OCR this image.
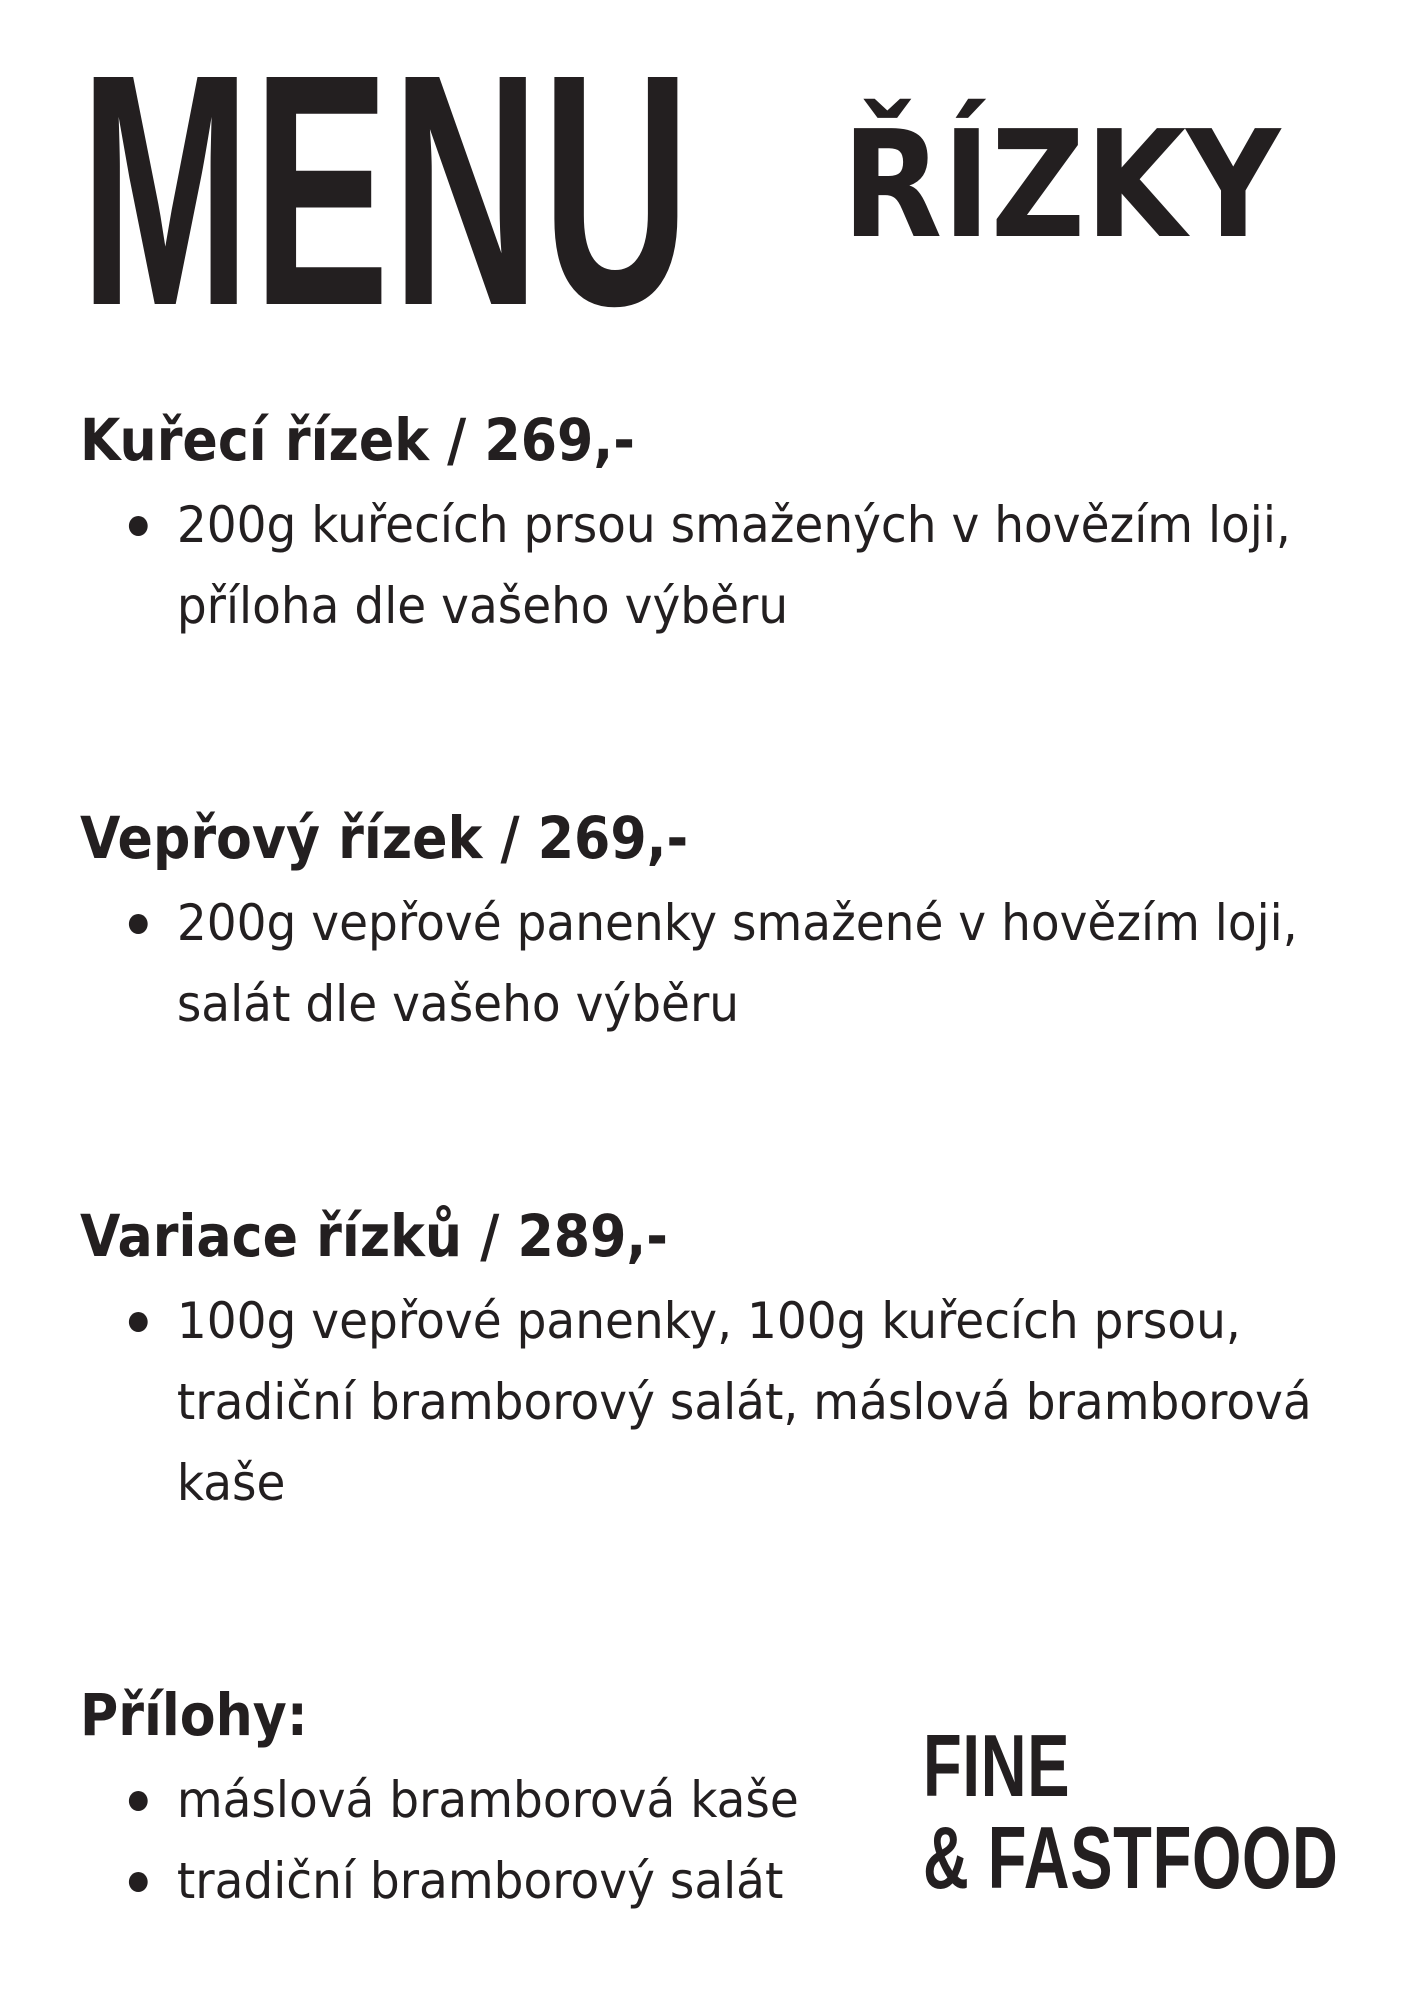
MENU ŘÍZKY
Kuřecí řízek / 269,-
200g kuřecích prsou smažených v hovězím loji, příloha dle vašeho výběru
Vepřový řízek / 269,-
200g vepřové panenky smažené v hovězím loji, salát dle vašeho výběru
Variace řízků / 289,-
100g vepřové panenky, 100g kuřecích prsou, tradiční bramborový salát, máslová bramborová kaše
Přílohy:
máslová bramborová kaše
tradiční bramborový salát
FINE
& FASTFOOD
